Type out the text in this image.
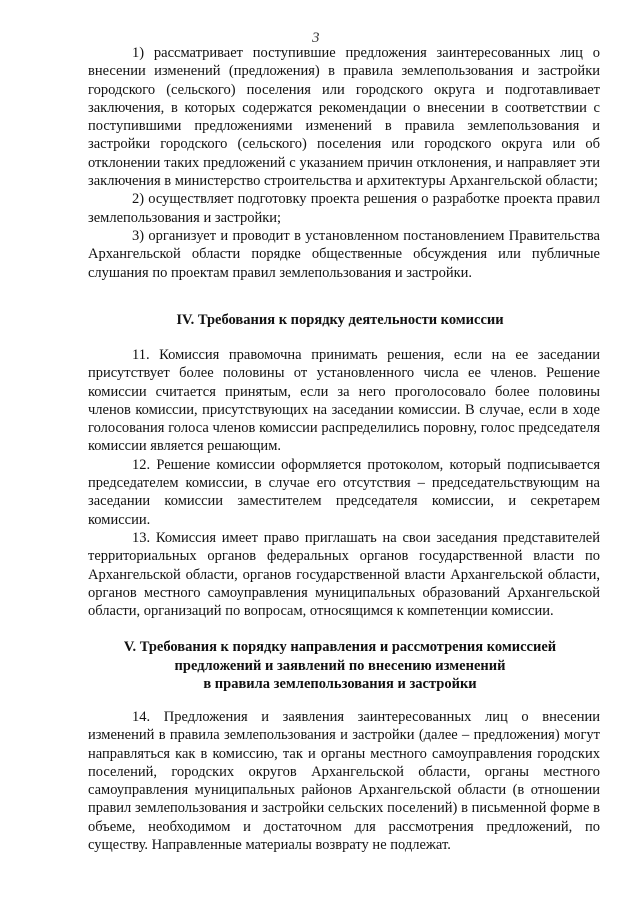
3

1) рассматривает поступившие предложения заинтересованных лиц о внесении изменений (предложения) в правила землепользования и застройки городского (сельского) поселения или городского округа и подготавливает заключения, в которых содержатся рекомендации о внесении в соответствии с поступившими предложениями изменений в правила землепользования и застройки городского (сельского) поселения или городского округа или об отклонении таких предложений с указанием причин отклонения, и направляет эти заключения в министерство строительства и архитектуры Архангельской области;

2) осуществляет подготовку проекта решения о разработке проекта правил землепользования и застройки;

3) организует и проводит в установленном постановлением Правительства Архангельской области порядке общественные обсуждения или публичные слушания по проектам правил землепользования и застройки.

IV. Требования к порядку деятельности комиссии

11. Комиссия правомочна принимать решения, если на ее заседании присутствует более половины от установленного числа ее членов. Решение комиссии считается принятым, если за него проголосовало более половины членов комиссии, присутствующих на заседании комиссии. В случае, если в ходе голосования голоса членов комиссии распределились поровну, голос председателя комиссии является решающим.

12. Решение комиссии оформляется протоколом, который подписывается председателем комиссии, в случае его отсутствия – председательствующим на заседании комиссии заместителем председателя комиссии, и секретарем комиссии.

13. Комиссия имеет право приглашать на свои заседания представителей территориальных органов федеральных органов государственной власти по Архангельской области, органов государственной власти Архангельской области, органов местного самоуправления муниципальных образований Архангельской области, организаций по вопросам, относящимся к компетенции комиссии.

V. Требования к порядку направления и рассмотрения комиссией
предложений и заявлений по внесению изменений
в правила землепользования и застройки

14. Предложения и заявления заинтересованных лиц о внесении изменений в правила землепользования и застройки (далее – предложения) могут направляться как в комиссию, так и органы местного самоуправления городских поселений, городских округов Архангельской области, органы местного самоуправления муниципальных районов Архангельской области (в отношении правил землепользования и застройки сельских поселений) в письменной форме в объеме, необходимом и достаточном для рассмотрения предложений, по существу. Направленные материалы возврату не подлежат.
